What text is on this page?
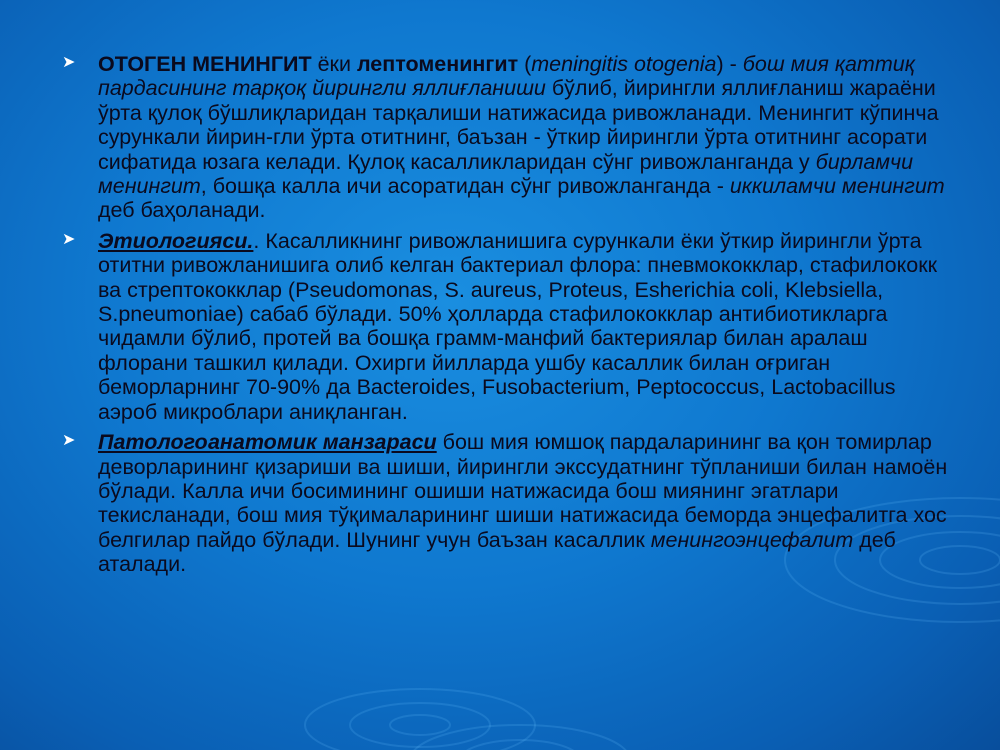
➤ ОТОГЕН МЕНИНГИТ ёки лептоменингит (meningitis otogenia) - бош мия қаттиқ пардасининг тарқоқ йирингли яллиғланиши бўлиб, йирингли яллиғланиш жараёни ўрта қулоқ бўшлиқларидан тарқалиши натижасида ривожланади. Менингит кўпинча сурункали йирин-гли ўрта отитнинг, баъзан - ўткир йирингли ўрта отитнинг асорати сифатида юзага келади. Қулоқ касалликларидан сўнг ривожланганда у бирламчи менингит, бошқа калла ичи асоратидан сўнг ривожланганда - иккиламчи менингит деб баҳоланади.
➤ Этиологияси.. Касалликнинг ривожланишига сурункали ёки ўткир йирингли ўрта отитни ривожланишига олиб келган бактериал флора: пневмококклар, стафилококк ва стрептококклар (Pseudomonas, S. aureus, Proteus, Esherichia coli, Klebsiella, S.pneumoniae) сабаб бўлади. 50% ҳолларда стафилококклар антибиотикларга чидамли бўлиб, протей ва бошқа грамм-манфий бактериялар билан аралаш флорани ташкил қилади. Охирги йилларда ушбу касаллик билан оғриган беморларнинг 70-90% да Bacteroides, Fusobacterium, Peptococcus, Lactobacillus аэроб микроблари аниқланган.
➤ Патологоанатомик манзараси бош мия юмшоқ пардаларининг ва қон томирлар деворларининг қизариши ва шиши, йирингли экссудатнинг тўпланиши билан намоён бўлади. Калла ичи босимининг ошиши натижасида бош миянинг эгатлари текисланади, бош мия тўқималарининг шиши натижасида беморда энцефалитга хос белгилар пайдо бўлади. Шунинг учун баъзан касаллик менингоэнцефалит деб аталади.
